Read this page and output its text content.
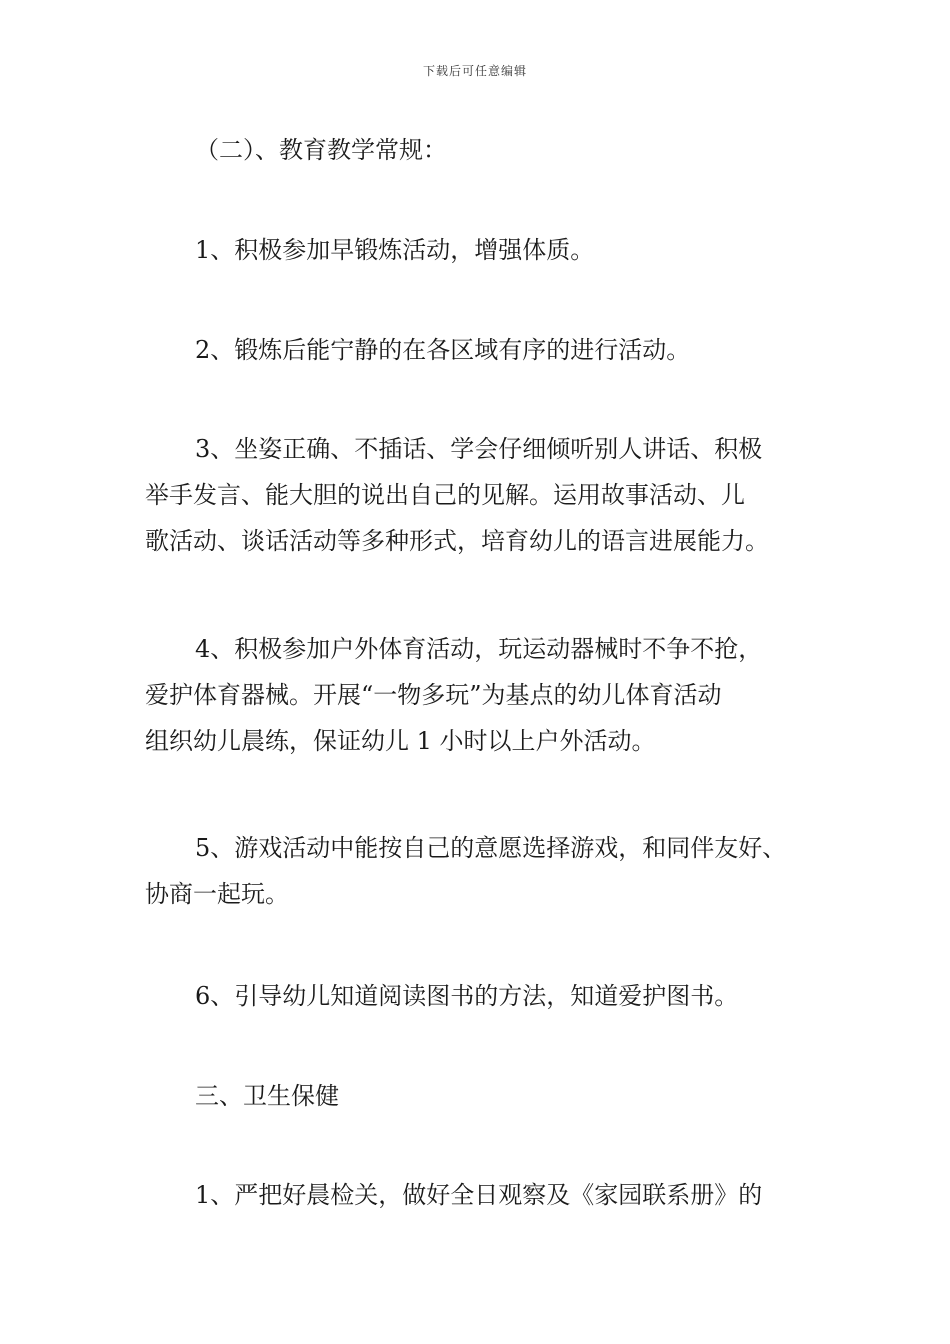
下载后可任意编辑

（二）、教育教学常规：

1、积极参加早锻炼活动，增强体质。

2、锻炼后能宁静的在各区域有序的进行活动。

3、坐姿正确、不插话、学会仔细倾听别人讲话、积极
举手发言、能大胆的说出自己的见解。运用故事活动、儿
歌活动、谈话活动等多种形式，培育幼儿的语言进展能力。

4、积极参加户外体育活动，玩运动器械时不争不抢，
爱护体育器械。开展“一物多玩”为基点的幼儿体育活动
组织幼儿晨练，保证幼儿 1 小时以上户外活动。

5、游戏活动中能按自己的意愿选择游戏，和同伴友好、
协商一起玩。

6、引导幼儿知道阅读图书的方法，知道爱护图书。

三、卫生保健

1、严把好晨检关，做好全日观察及《家园联系册》的
